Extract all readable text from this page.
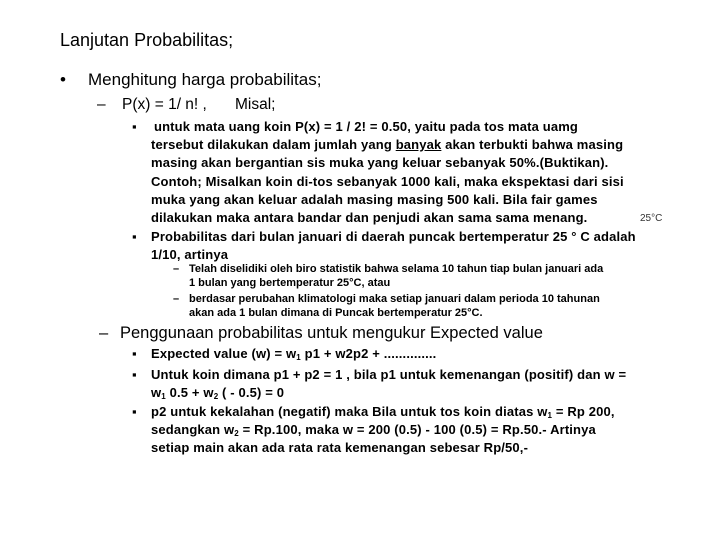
Lanjutan Probabilitas;
• Menghitung harga probabilitas;
– P(x) = 1/ n! , Misal;
▪ untuk mata uang koin P(x) = 1 / 2! = 0.50, yaitu pada tos mata uamg
tersebut dilakukan dalam jumlah yang banyak akan terbukti bahwa masing
masing akan bergantian sis muka yang keluar sebanyak 50%.(Buktikan).
Contoh; Misalkan koin di-tos sebanyak 1000 kali, maka ekspektasi dari sisi
muka yang akan keluar adalah masing masing 500 kali. Bila fair games
dilakukan maka antara bandar dan penjudi akan sama sama menang.	25°C
▪ Probabilitas dari bulan januari di daerah puncak bertemperatur 25 ° C adalah
1/10, artinya
– Telah diselidiki oleh biro statistik bahwa selama 10 tahun tiap bulan januari ada
1 bulan yang bertemperatur 25°C, atau
– berdasar perubahan klimatologi maka setiap januari dalam perioda 10 tahunan
akan ada 1 bulan dimana di Puncak bertemperatur 25°C.
– Penggunaan probabilitas untuk mengukur Expected value
▪ Expected value $(w) = w_1$ p1 + w2p2 + ..............
▪ Untuk koin dimana p1 + p2 = 1 , bila p1 untuk kemenangan (positif) dan w =
$w_1$ $0.5 + w_2$ ( - 0.5) = 0
▪ p2 untuk kekalahan (negatif) maka Bila untuk tos koin diatas $w_1 = Rp$ 200,
sedangkan $w_2 = Rp.100$, maka w = 200 (0.5) - 100 (0.5) = Rp.50.- Artinya
setiap main akan ada rata rata kemenangan sebesar Rp/50,-
